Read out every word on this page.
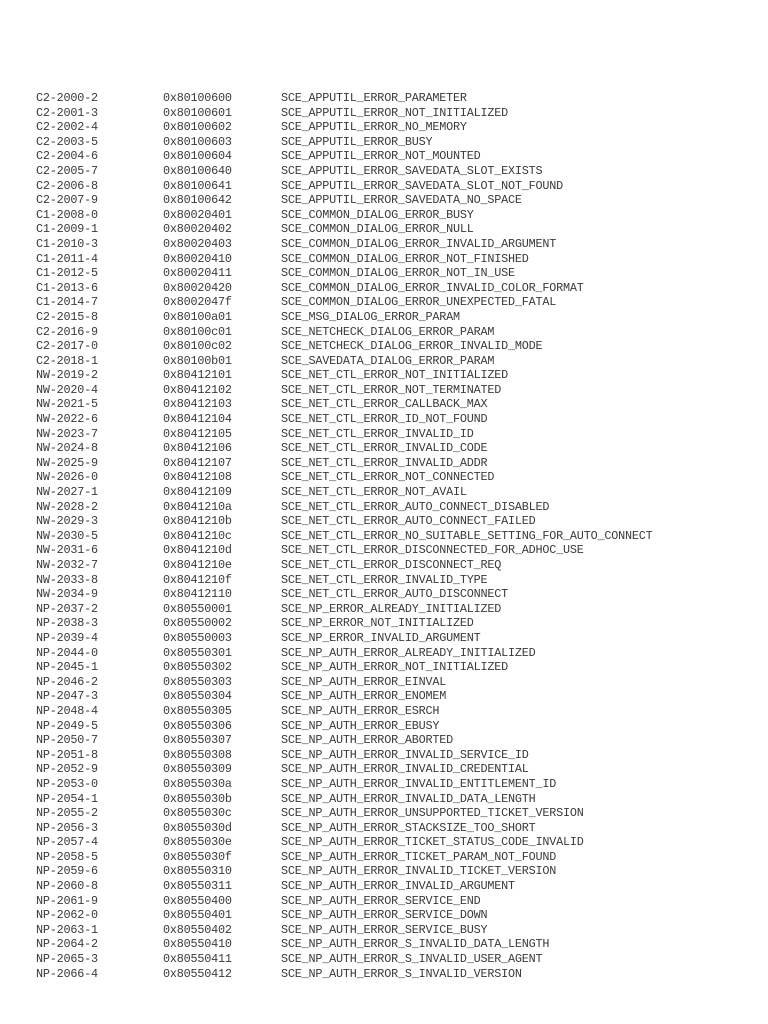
C2-2000-2	0x80100600	SCE_APPUTIL_ERROR_PARAMETER
C2-2001-3	0x80100601	SCE_APPUTIL_ERROR_NOT_INITIALIZED
C2-2002-4	0x80100602	SCE_APPUTIL_ERROR_NO_MEMORY
C2-2003-5	0x80100603	SCE_APPUTIL_ERROR_BUSY
C2-2004-6	0x80100604	SCE_APPUTIL_ERROR_NOT_MOUNTED
C2-2005-7	0x80100640	SCE_APPUTIL_ERROR_SAVEDATA_SLOT_EXISTS
C2-2006-8	0x80100641	SCE_APPUTIL_ERROR_SAVEDATA_SLOT_NOT_FOUND
C2-2007-9	0x80100642	SCE_APPUTIL_ERROR_SAVEDATA_NO_SPACE
C1-2008-0	0x80020401	SCE_COMMON_DIALOG_ERROR_BUSY
C1-2009-1	0x80020402	SCE_COMMON_DIALOG_ERROR_NULL
C1-2010-3	0x80020403	SCE_COMMON_DIALOG_ERROR_INVALID_ARGUMENT
C1-2011-4	0x80020410	SCE_COMMON_DIALOG_ERROR_NOT_FINISHED
C1-2012-5	0x80020411	SCE_COMMON_DIALOG_ERROR_NOT_IN_USE
C1-2013-6	0x80020420	SCE_COMMON_DIALOG_ERROR_INVALID_COLOR_FORMAT
C1-2014-7	0x8002047f	SCE_COMMON_DIALOG_ERROR_UNEXPECTED_FATAL
C2-2015-8	0x80100a01	SCE_MSG_DIALOG_ERROR_PARAM
C2-2016-9	0x80100c01	SCE_NETCHECK_DIALOG_ERROR_PARAM
C2-2017-0	0x80100c02	SCE_NETCHECK_DIALOG_ERROR_INVALID_MODE
C2-2018-1	0x80100b01	SCE_SAVEDATA_DIALOG_ERROR_PARAM
NW-2019-2	0x80412101	SCE_NET_CTL_ERROR_NOT_INITIALIZED
NW-2020-4	0x80412102	SCE_NET_CTL_ERROR_NOT_TERMINATED
NW-2021-5	0x80412103	SCE_NET_CTL_ERROR_CALLBACK_MAX
NW-2022-6	0x80412104	SCE_NET_CTL_ERROR_ID_NOT_FOUND
NW-2023-7	0x80412105	SCE_NET_CTL_ERROR_INVALID_ID
NW-2024-8	0x80412106	SCE_NET_CTL_ERROR_INVALID_CODE
NW-2025-9	0x80412107	SCE_NET_CTL_ERROR_INVALID_ADDR
NW-2026-0	0x80412108	SCE_NET_CTL_ERROR_NOT_CONNECTED
NW-2027-1	0x80412109	SCE_NET_CTL_ERROR_NOT_AVAIL
NW-2028-2	0x8041210a	SCE_NET_CTL_ERROR_AUTO_CONNECT_DISABLED
NW-2029-3	0x8041210b	SCE_NET_CTL_ERROR_AUTO_CONNECT_FAILED
NW-2030-5	0x8041210c	SCE_NET_CTL_ERROR_NO_SUITABLE_SETTING_FOR_AUTO_CONNECT
NW-2031-6	0x8041210d	SCE_NET_CTL_ERROR_DISCONNECTED_FOR_ADHOC_USE
NW-2032-7	0x8041210e	SCE_NET_CTL_ERROR_DISCONNECT_REQ
NW-2033-8	0x8041210f	SCE_NET_CTL_ERROR_INVALID_TYPE
NW-2034-9	0x80412110	SCE_NET_CTL_ERROR_AUTO_DISCONNECT
NP-2037-2	0x80550001	SCE_NP_ERROR_ALREADY_INITIALIZED
NP-2038-3	0x80550002	SCE_NP_ERROR_NOT_INITIALIZED
NP-2039-4	0x80550003	SCE_NP_ERROR_INVALID_ARGUMENT
NP-2044-0	0x80550301	SCE_NP_AUTH_ERROR_ALREADY_INITIALIZED
NP-2045-1	0x80550302	SCE_NP_AUTH_ERROR_NOT_INITIALIZED
NP-2046-2	0x80550303	SCE_NP_AUTH_ERROR_EINVAL
NP-2047-3	0x80550304	SCE_NP_AUTH_ERROR_ENOMEM
NP-2048-4	0x80550305	SCE_NP_AUTH_ERROR_ESRCH
NP-2049-5	0x80550306	SCE_NP_AUTH_ERROR_EBUSY
NP-2050-7	0x80550307	SCE_NP_AUTH_ERROR_ABORTED
NP-2051-8	0x80550308	SCE_NP_AUTH_ERROR_INVALID_SERVICE_ID
NP-2052-9	0x80550309	SCE_NP_AUTH_ERROR_INVALID_CREDENTIAL
NP-2053-0	0x8055030a	SCE_NP_AUTH_ERROR_INVALID_ENTITLEMENT_ID
NP-2054-1	0x8055030b	SCE_NP_AUTH_ERROR_INVALID_DATA_LENGTH
NP-2055-2	0x8055030c	SCE_NP_AUTH_ERROR_UNSUPPORTED_TICKET_VERSION
NP-2056-3	0x8055030d	SCE_NP_AUTH_ERROR_STACKSIZE_TOO_SHORT
NP-2057-4	0x8055030e	SCE_NP_AUTH_ERROR_TICKET_STATUS_CODE_INVALID
NP-2058-5	0x8055030f	SCE_NP_AUTH_ERROR_TICKET_PARAM_NOT_FOUND
NP-2059-6	0x80550310	SCE_NP_AUTH_ERROR_INVALID_TICKET_VERSION
NP-2060-8	0x80550311	SCE_NP_AUTH_ERROR_INVALID_ARGUMENT
NP-2061-9	0x80550400	SCE_NP_AUTH_ERROR_SERVICE_END
NP-2062-0	0x80550401	SCE_NP_AUTH_ERROR_SERVICE_DOWN
NP-2063-1	0x80550402	SCE_NP_AUTH_ERROR_SERVICE_BUSY
NP-2064-2	0x80550410	SCE_NP_AUTH_ERROR_S_INVALID_DATA_LENGTH
NP-2065-3	0x80550411	SCE_NP_AUTH_ERROR_S_INVALID_USER_AGENT
NP-2066-4	0x80550412	SCE_NP_AUTH_ERROR_S_INVALID_VERSION
